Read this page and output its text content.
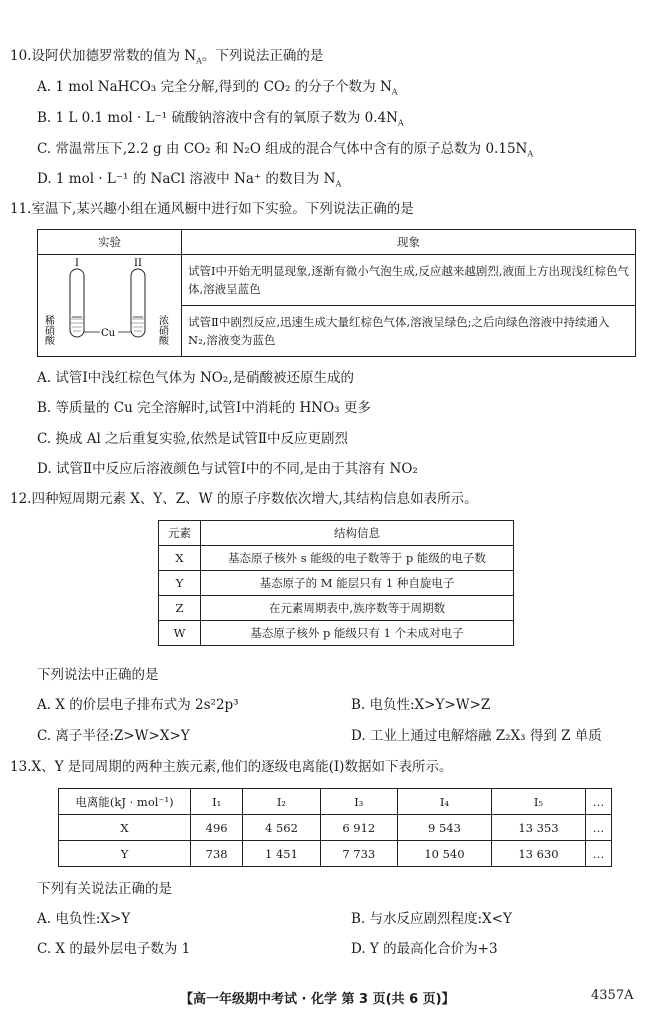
10.设阿伏加德罗常数的值为 $N_A$。下列说法正确的是
A. 1 mol NaHCO₃ 完全分解,得到的 CO₂ 的分子个数为 $N_A$
B. 1 L 0.1 mol · L⁻¹ 硫酸钠溶液中含有的氧原子数为 $0.4N_A$
C. 常温常压下,2.2 g 由 CO₂ 和 N₂O 组成的混合气体中含有的原子总数为 $0.15N_A$
D. 1 mol · L⁻¹ 的 NaCl 溶液中 Na⁺ 的数目为 $N_A$
11.室温下,某兴趣小组在通风橱中进行如下实验。下列说法正确的是
实验	现象

I II
Cu
稀硝酸 浓硝酸	试管Ⅰ中开始无明显现象,逐渐有微小气泡生成,反应越来越剧烈,液面上方出现浅红棕色气体,溶液呈蓝色
	试管Ⅱ中剧烈反应,迅速生成大量红棕色气体,溶液呈绿色;之后向绿色溶液中持续通入 N₂,溶液变为蓝色
A. 试管Ⅰ中浅红棕色气体为 NO₂,是硝酸被还原生成的
B. 等质量的 Cu 完全溶解时,试管Ⅰ中消耗的 HNO₃ 更多
C. 换成 Al 之后重复实验,依然是试管Ⅱ中反应更剧烈
D. 试管Ⅱ中反应后溶液颜色与试管Ⅰ中的不同,是由于其溶有 NO₂
12.四种短周期元素 X、Y、Z、W 的原子序数依次增大,其结构信息如表所示。
元素	结构信息
X	基态原子核外 s 能级的电子数等于 p 能级的电子数
Y	基态原子的 M 能层只有 1 种自旋电子
Z	在元素周期表中,族序数等于周期数
W	基态原子核外 p 能级只有 1 个未成对电子
下列说法中正确的是
A. X 的价层电子排布式为 2s²2p³	B. 电负性:X>Y>W>Z
C. 离子半径:Z>W>X>Y	D. 工业上通过电解熔融 Z₂X₃ 得到 Z 单质
13.X、Y 是同周期的两种主族元素,他们的逐级电离能(I)数据如下表所示。
电离能(kJ · mol⁻¹)	I₁	I₂	I₃	I₄	I₅	…
X	496	4 562	6 912	9 543	13 353	…
Y	738	1 451	7 733	10 540	13 630	…
下列有关说法正确的是
A. 电负性:X>Y	B. 与水反应剧烈程度:X<Y
C. X 的最外层电子数为 1	D. Y 的最高化合价为+3
【高一年级期中考试 · 化学 第 3 页(共 6 页)】	4357A
